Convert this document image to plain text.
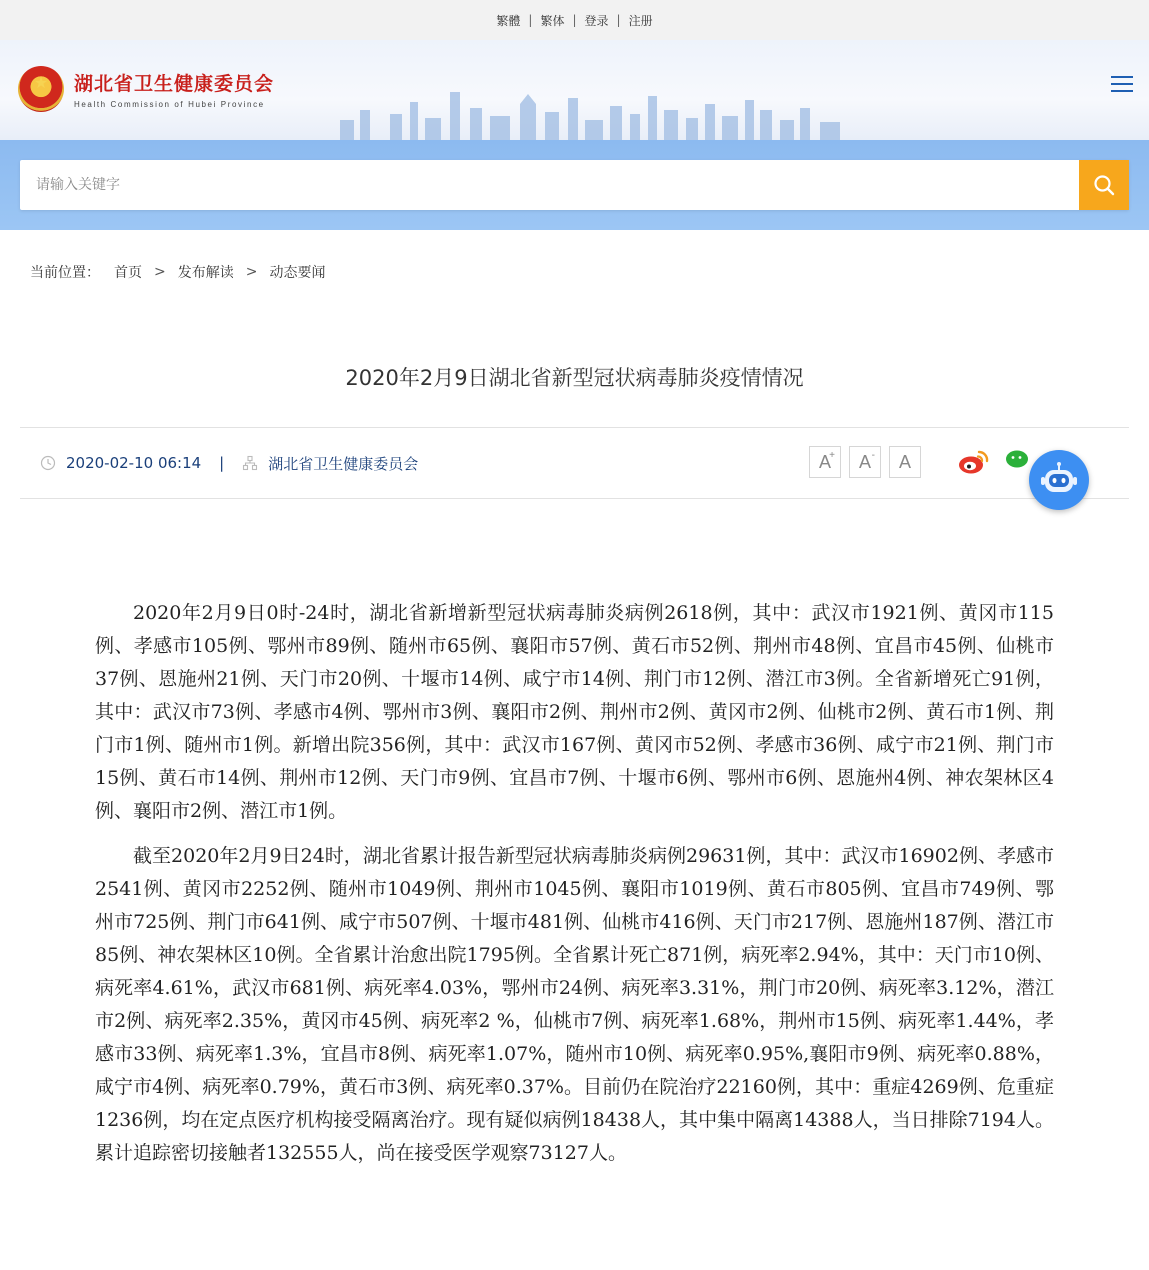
繁體 | 繁体 | 登录 | 注册
★
湖北省卫生健康委员会
Health Commission of Hubei Province
请输入关键字
当前位置： 首页 > 发布解读 > 动态要闻
2020年2月9日湖北省新型冠状病毒肺炎疫情情况
2020-02-10 06:14 |	湖北省卫生健康委员会	A
+ A- A

2020年2月9日0时-24时，湖北省新增新型冠状病毒肺炎病例2618例，其中：武汉市1921例、黄冈市115例、孝感市105例、鄂州市89例、随州市65例、襄阳市57例、黄石市52例、荆州市48例、宜昌市45例、仙桃市37例、恩施州21例、天门市20例、十堰市14例、咸宁市14例、荆门市12例、潜江市3例。全省新增死亡91例，其中：武汉市73例、孝感市4例、鄂州市3例、襄阳市2例、荆州市2例、黄冈市2例、仙桃市2例、黄石市1例、荆门市1例、随州市1例。新增出院356例，其中：武汉市167例、黄冈市52例、孝感市36例、咸宁市21例、荆门市15例、黄石市14例、荆州市12例、天门市9例、宜昌市7例、十堰市6例、鄂州市6例、恩施州4例、神农架林区4例、襄阳市2例、潜江市1例。

截至2020年2月9日24时，湖北省累计报告新型冠状病毒肺炎病例29631例，其中：武汉市16902例、孝感市2541例、黄冈市2252例、随州市1049例、荆州市1045例、襄阳市1019例、黄石市805例、宜昌市749例、鄂州市725例、荆门市641例、咸宁市507例、十堰市481例、仙桃市416例、天门市217例、恩施州187例、潜江市85例、神农架林区10例。全省累计治愈出院1795例。全省累计死亡871例，病死率2.94%，其中：天门市10例、病死率4.61%，武汉市681例、病死率4.03%，鄂州市24例、病死率3.31%，荆门市20例、病死率3.12%，潜江市2例、病死率2.35%，黄冈市45例、病死率2 %，仙桃市7例、病死率1.68%，荆州市15例、病死率1.44%，孝感市33例、病死率1.3%，宜昌市8例、病死率1.07%，随州市10例、病死率0.95%,襄阳市9例、病死率0.88%，咸宁市4例、病死率0.79%，黄石市3例、病死率0.37%。目前仍在院治疗22160例，其中：重症4269例、危重症1236例，均在定点医疗机构接受隔离治疗。现有疑似病例18438人，其中集中隔离14388人，当日排除7194人。累计追踪密切接触者132555人，尚在接受医学观察73127人。
